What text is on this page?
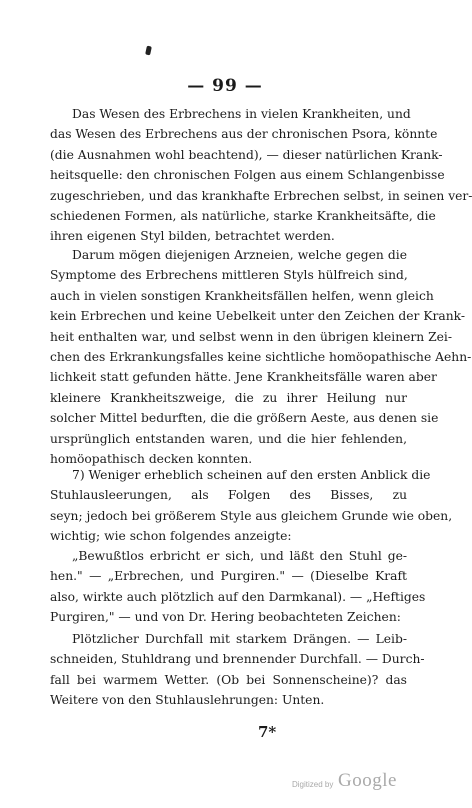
— 99 —
Das Wesen des Erbrechens in vielen Krankheiten, und
das Wesen des Erbrechens aus der chronischen Psora, könnte
(die Ausnahmen wohl beachtend), — dieser natürlichen Krank-
heitsquelle: den chronischen Folgen aus einem Schlangenbisse
zugeschrieben, und das krankhafte Erbrechen selbst, in seinen ver-
schiedenen Formen, als natürliche, starke Krankheitsäfte, die
ihren eigenen Styl bilden, betrachtet werden.
Darum mögen diejenigen Arzneien, welche gegen die
Symptome des Erbrechens mittleren Styls hülfreich sind,
auch in vielen sonstigen Krankheitsfällen helfen, wenn gleich
kein Erbrechen und keine Uebelkeit unter den Zeichen der Krank-
heit enthalten war, und selbst wenn in den übrigen kleinern Zei-
chen des Erkrankungsfalles keine sichtliche homöopathische Aehn-
lichkeit statt gefunden hätte. Jene Krankheitsfälle waren aber
kleinere Krankheitszweige, die zu ihrer Heilung nur
solcher Mittel bedurften, die die größern Aeste, aus denen sie
ursprünglich entstanden waren, und die hier fehlenden,
homöopathisch decken konnten.
7) Weniger erheblich scheinen auf den ersten Anblick die
Stuhlausleerungen, als Folgen des Bisses, zu
seyn; jedoch bei größerem Style aus gleichem Grunde wie oben,
wichtig; wie schon folgendes anzeigte:
„Bewußtlos erbricht er sich, und läßt den Stuhl ge-
hen." — „Erbrechen, und Purgiren." — (Dieselbe Kraft
also, wirkte auch plötzlich auf den Darmkanal). — „Heftiges
Purgiren," — und von Dr. Hering beobachteten Zeichen:
Plötzlicher Durchfall mit starkem Drängen. — Leib-
schneiden, Stuhldrang und brennender Durchfall. — Durch-
fall bei warmem Wetter. (Ob bei Sonnenscheine)? das
Weitere von den Stuhlauslehrungen: Unten.
7*
Digitized by Google
